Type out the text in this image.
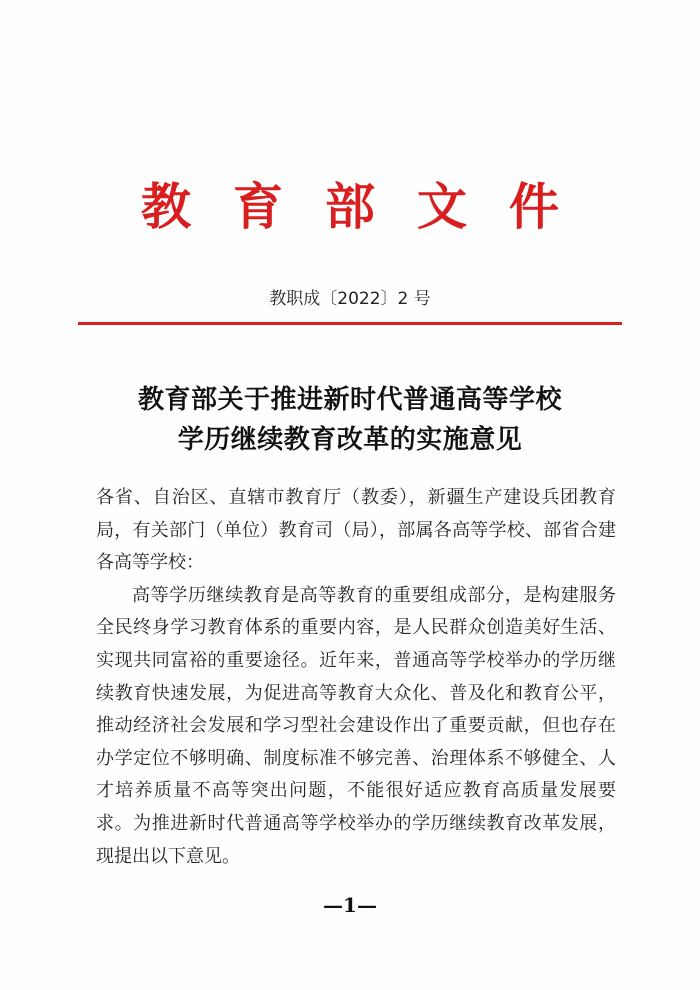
教育部文件
教职成〔2022〕2 号
教育部关于推进新时代普通高等学校
学历继续教育改革的实施意见

各省、自治区、直辖市教育厅（教委），新疆生产建设兵团教育局，有关部门（单位）教育司（局），部属各高等学校、部省合建各高等学校：

高等学历继续教育是高等教育的重要组成部分，是构建服务全民终身学习教育体系的重要内容，是人民群众创造美好生活、实现共同富裕的重要途径。近年来，普通高等学校举办的学历继续教育快速发展，为促进高等教育大众化、普及化和教育公平，推动经济社会发展和学习型社会建设作出了重要贡献，但也存在办学定位不够明确、制度标准不够完善、治理体系不够健全、人才培养质量不高等突出问题，不能很好适应教育高质量发展要求。为推进新时代普通高等学校举办的学历继续教育改革发展，现提出以下意见。

—1—
